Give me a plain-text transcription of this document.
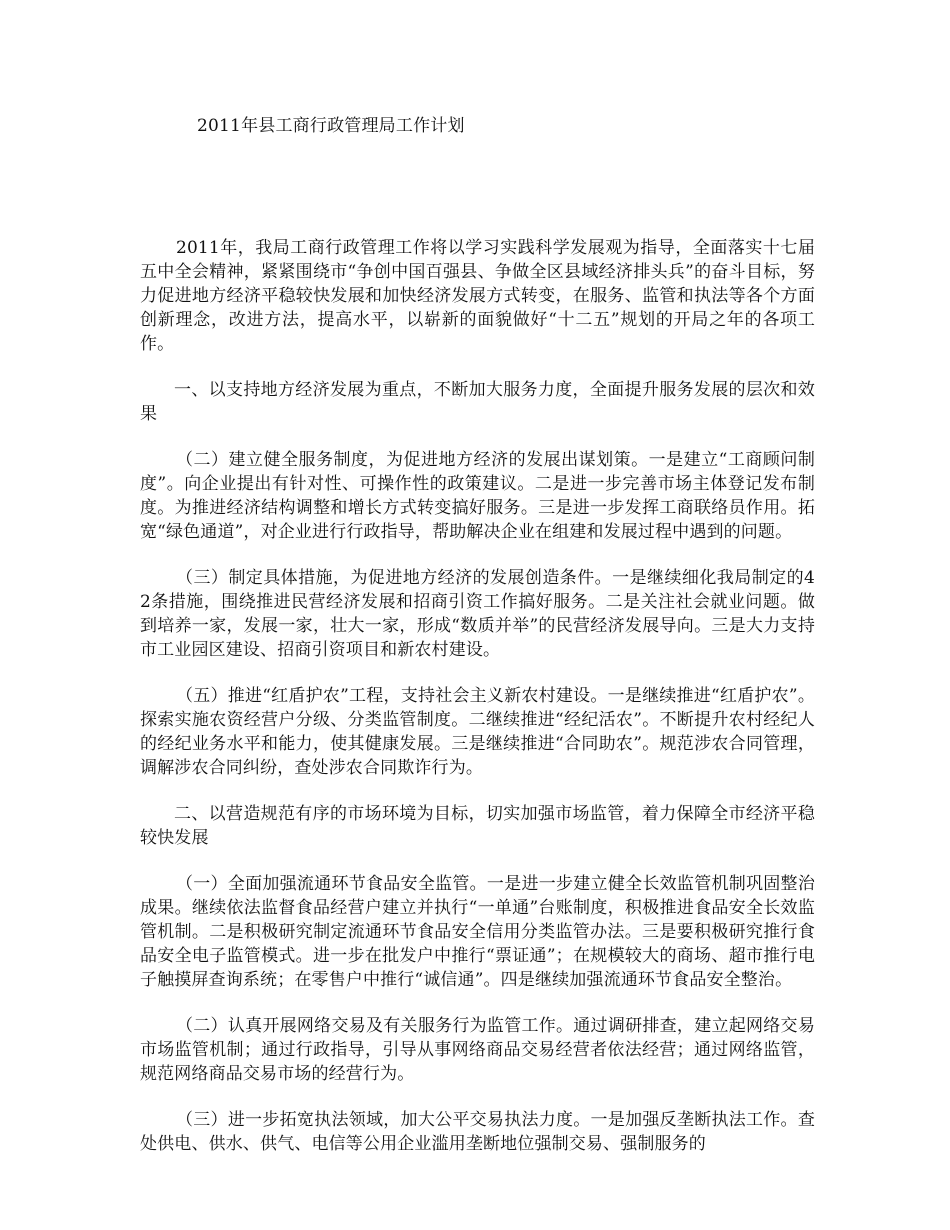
2011年县工商行政管理局工作计划

2011年，我局工商行政管理工作将以学习实践科学发展观为指导，全面落实十七届五中全会精神，紧紧围绕市“争创中国百强县、争做全区县域经济排头兵”的奋斗目标，努力促进地方经济平稳较快发展和加快经济发展方式转变，在服务、监管和执法等各个方面创新理念，改进方法，提高水平，以崭新的面貌做好“十二五”规划的开局之年的各项工作。

一、以支持地方经济发展为重点，不断加大服务力度，全面提升服务发展的层次和效果

（二）建立健全服务制度，为促进地方经济的发展出谋划策。一是建立“工商顾问制度”。向企业提出有针对性、可操作性的政策建议。二是进一步完善市场主体登记发布制度。为推进经济结构调整和增长方式转变搞好服务。三是进一步发挥工商联络员作用。拓宽“绿色通道”，对企业进行行政指导，帮助解决企业在组建和发展过程中遇到的问题。

（三）制定具体措施，为促进地方经济的发展创造条件。一是继续细化我局制定的42条措施，围绕推进民营经济发展和招商引资工作搞好服务。二是关注社会就业问题。做到培养一家，发展一家，壮大一家，形成“数质并举”的民营经济发展导向。三是大力支持市工业园区建设、招商引资项目和新农村建设。

（五）推进“红盾护农”工程，支持社会主义新农村建设。一是继续推进“红盾护农”。探索实施农资经营户分级、分类监管制度。二继续推进“经纪活农”。不断提升农村经纪人的经纪业务水平和能力，使其健康发展。三是继续推进“合同助农”。规范涉农合同管理，调解涉农合同纠纷，查处涉农合同欺诈行为。

二、以营造规范有序的市场环境为目标，切实加强市场监管，着力保障全市经济平稳较快发展

（一）全面加强流通环节食品安全监管。一是进一步建立健全长效监管机制巩固整治成果。继续依法监督食品经营户建立并执行“一单通”台账制度，积极推进食品安全长效监管机制。二是积极研究制定流通环节食品安全信用分类监管办法。三是要积极研究推行食品安全电子监管模式。进一步在批发户中推行“票证通”；在规模较大的商场、超市推行电子触摸屏查询系统；在零售户中推行“诚信通”。四是继续加强流通环节食品安全整治。

（二）认真开展网络交易及有关服务行为监管工作。通过调研排查，建立起网络交易市场监管机制；通过行政指导，引导从事网络商品交易经营者依法经营；通过网络监管，规范网络商品交易市场的经营行为。

（三）进一步拓宽执法领域，加大公平交易执法力度。一是加强反垄断执法工作。查处供电、供水、供气、电信等公用企业滥用垄断地位强制交易、强制服务的
